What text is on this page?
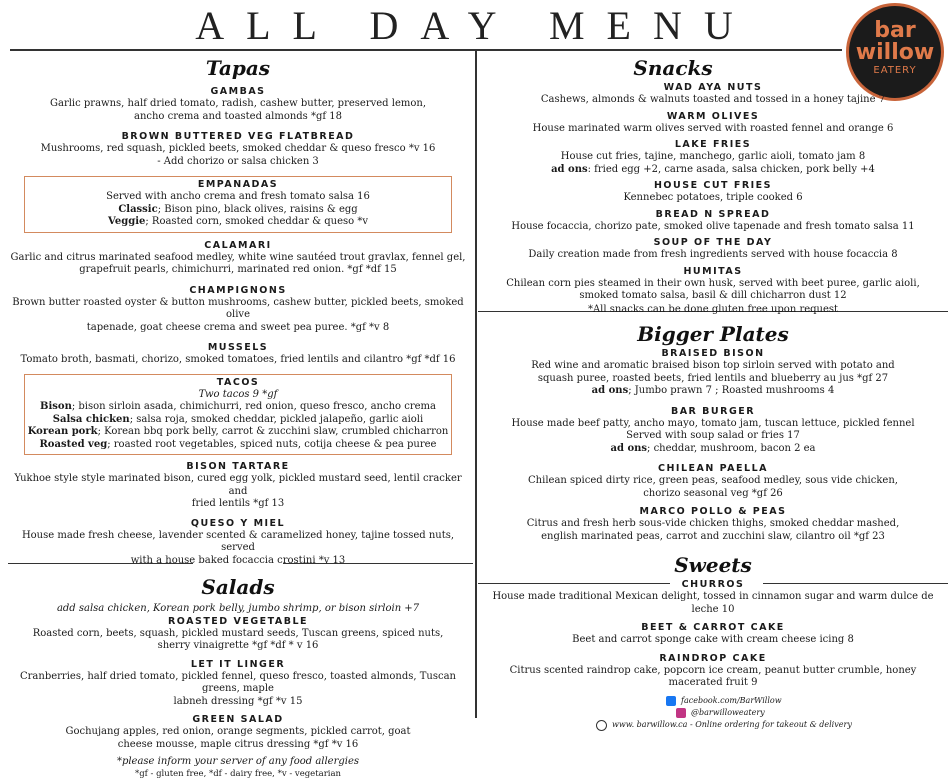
ALL DAY MENU	bar
willow
EATERY
Tapas
GAMBAS
Garlic prawns, half dried tomato, radish, cashew butter, preserved lemon,
ancho crema and toasted almonds *gf 18
BROWN BUTTERED VEG FLATBREAD
Mushrooms, red squash, pickled beets, smoked cheddar & queso fresco *v 16
- Add chorizo or salsa chicken 3
EMPANADAS
Served with ancho crema and fresh tomato salsa 16
Classic; Bison pino, black olives, raisins & egg
Veggie; Roasted corn, smoked cheddar & queso *v
CALAMARI
Garlic and citrus marinated seafood medley, white wine sautéed trout gravlax, fennel gel,
grapefruit pearls, chimichurri, marinated red onion. *gf *df 15
CHAMPIGNONS
Brown butter roasted oyster & button mushrooms, cashew butter, pickled beets, smoked olive
tapenade, goat cheese crema and sweet pea puree. *gf *v 8
MUSSELS
Tomato broth, basmati, chorizo, smoked tomatoes, fried lentils and cilantro *gf *df 16
TACOS
Two tacos 9 *gf
Bison; bison sirloin asada, chimichurri, red onion, queso fresco, ancho crema
Salsa chicken; salsa roja, smoked cheddar, pickled jalapeño, garlic aioli
Korean pork; Korean bbq pork belly, carrot & zucchini slaw, crumbled chicharron
Roasted veg; roasted root vegetables, spiced nuts, cotija cheese & pea puree
BISON TARTARE
Yukhoe style style marinated bison, cured egg yolk, pickled mustard seed, lentil cracker and
fried lentils *gf 13
QUESO Y MIEL
House made fresh cheese, lavender scented & caramelized honey, tajine tossed nuts, served
with a house baked focaccia crostini *v 13
Salads
add salsa chicken, Korean pork belly, jumbo shrimp, or bison sirloin +7
ROASTED VEGETABLE
Roasted corn, beets, squash, pickled mustard seeds, Tuscan greens, spiced nuts,
sherry vinaigrette *gf *df * v 16
LET IT LINGER
Cranberries, half dried tomato, pickled fennel, queso fresco, toasted almonds, Tuscan greens, maple
labneh dressing *gf *v 15
GREEN SALAD
Gochujang apples, red onion, orange segments, pickled carrot, goat
cheese mousse, maple citrus dressing *gf *v 16
*please inform your server of any food allergies
*gf - gluten free, *df - dairy free, *v - vegetarian
Snacks
WAD AYA NUTS
Cashews, almonds & walnuts toasted and tossed in a honey tajine 7
WARM OLIVES
House marinated warm olives served with roasted fennel and orange 6
LAKE FRIES
House cut fries, tajine, manchego, garlic aioli, tomato jam 8
ad ons: fried egg +2, carne asada, salsa chicken, pork belly +4
HOUSE CUT FRIES
Kennebec potatoes, triple cooked 6
BREAD N SPREAD
House focaccia, chorizo pate, smoked olive tapenade and fresh tomato salsa 11
SOUP OF THE DAY
Daily creation made from fresh ingredients served with house focaccia 8
HUMITAS
Chilean corn pies steamed in their own husk, served with beet puree, garlic aioli,
smoked tomato salsa, basil & dill chicharron dust 12
*All snacks can be done gluten free upon request
Bigger Plates
BRAISED BISON
Red wine and aromatic braised bison top sirloin served with potato and
squash puree, roasted beets, fried lentils and blueberry au jus *gf 27
ad ons; Jumbo prawn 7 ; Roasted mushrooms 4
BAR BURGER
House made beef patty, ancho mayo, tomato jam, tuscan lettuce, pickled fennel
Served with soup salad or fries 17
ad ons; cheddar, mushroom, bacon 2 ea
CHILEAN PAELLA
Chilean spiced dirty rice, green peas, seafood medley, sous vide chicken,
chorizo seasonal veg *gf 26
MARCO POLLO & PEAS
Citrus and fresh herb sous-vide chicken thighs, smoked cheddar mashed,
english marinated peas, carrot and zucchini slaw, cilantro oil *gf 23
Sweets
CHURROS
House made traditional Mexican delight, tossed in cinnamon sugar and warm dulce de leche 10
BEET & CARROT CAKE
Beet and carrot sponge cake with cream cheese icing 8
RAINDROP CAKE
Citrus scented raindrop cake, popcorn ice cream, peanut butter crumble, honey macerated fruit 9
facebook.com/BarWillow
@barwilloweatery
www. barwillow.ca - Online ordering for takeout & delivery
